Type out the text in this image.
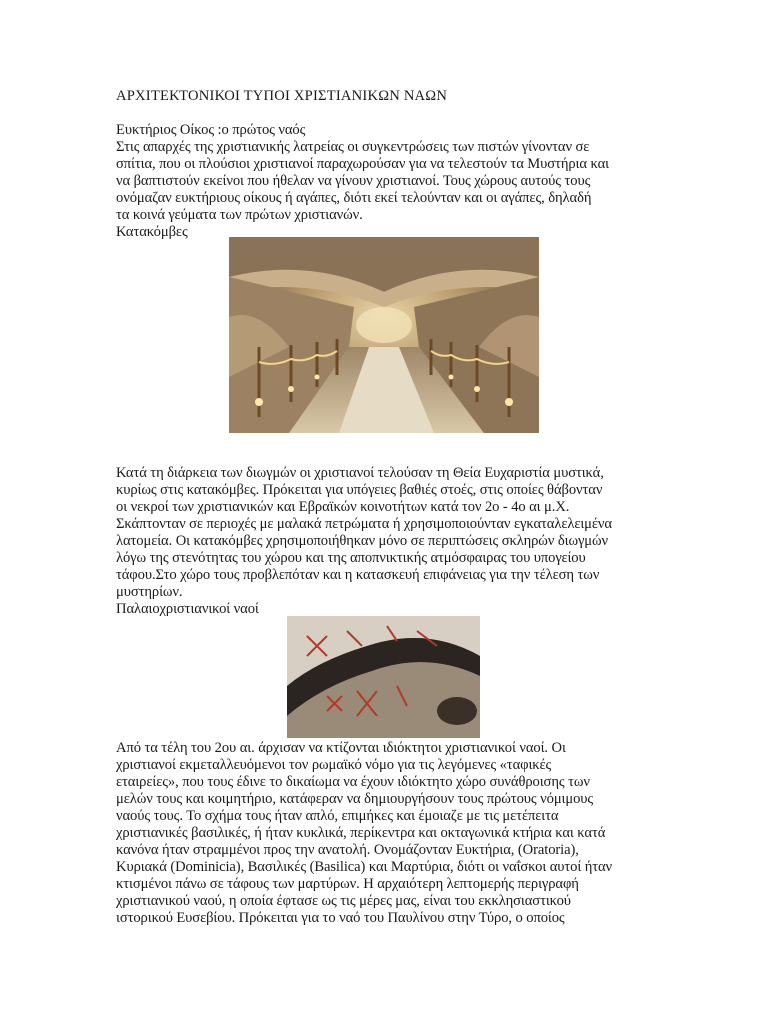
ΑΡΧΙΤΕΚΤΟΝΙΚΟΙ ΤΥΠΟΙ ΧΡΙΣΤΙΑΝΙΚΩΝ ΝΑΩΝ

Ευκτήριος Οίκος :ο πρώτος ναός

Στις απαρχές της χριστιανικής λατρείας οι συγκεντρώσεις των πιστών γίνονταν σε

σπίτια, που οι πλούσιοι χριστιανοί παραχωρούσαν για να τελεστούν τα Μυστήρια και

να βαπτιστούν εκείνοι που ήθελαν να γίνουν χριστιανοί. Τους χώρους αυτούς τους

ονόμαζαν ευκτήριους οίκους ή αγάπες, διότι εκεί τελούνταν και οι αγάπες, δηλαδή

τα κοινά γεύματα των πρώτων χριστιανών.

Κατακόμβες

Κατά τη διάρκεια των διωγμών οι χριστιανοί τελούσαν τη Θεία Ευχαριστία μυστικά,

κυρίως στις κατακόμβες. Πρόκειται για υπόγειες βαθιές στοές, στις οποίες θάβονταν

οι νεκροί των χριστιανικών και Εβραϊκών κοινοτήτων κατά τον 2ο - 4ο αι μ.Χ.

Σκάπτονταν σε περιοχές με μαλακά πετρώματα ή χρησιμοποιούνταν εγκαταλελειμένα

λατομεία. Οι κατακόμβες χρησιμοποιήθηκαν μόνο σε περιπτώσεις σκληρών διωγμών

λόγω της στενότητας του χώρου και της αποπνικτικής ατμόσφαιρας του υπογείου

τάφου.Στο χώρο τους προβλεπόταν και η κατασκευή επιφάνειας για την τέλεση των

μυστηρίων.

Παλαιοχριστιανικοί ναοί

Από τα τέλη του 2ου αι. άρχισαν να κτίζονται ιδιόκτητοι χριστιανικοί ναοί. Οι

χριστιανοί εκμεταλλευόμενοι τον ρωμαϊκό νόμο για τις λεγόμενες «ταφικές

εταιρείες», που τους έδινε το δικαίωμα να έχουν ιδιόκτητο χώρο συνάθροισης των

μελών τους και κοιμητήριο, κατάφεραν να δημιουργήσουν τους πρώτους νόμιμους

ναούς τους. Το σχήμα τους ήταν απλό, επιμήκες και έμοιαζε με τις μετέπειτα

χριστιανικές βασιλικές, ή ήταν κυκλικά, περίκεντρα και οκταγωνικά κτήρια και κατά

κανόνα ήταν στραμμένοι προς την ανατολή. Ονομάζονταν Ευκτήρια, (Oratoria),

Κυριακά (Dominicia), Βασιλικές (Basilica) και Μαρτύρια, διότι οι ναΐσκοι αυτοί ήταν

κτισμένοι πάνω σε τάφους των μαρτύρων. Η αρχαιότερη λεπτομερής περιγραφή

χριστιανικού ναού, η οποία έφτασε ως τις μέρες μας, είναι του εκκλησιαστικού

ιστορικού Ευσεβίου. Πρόκειται για το ναό του Παυλίνου στην Τύρο, ο οποίος
